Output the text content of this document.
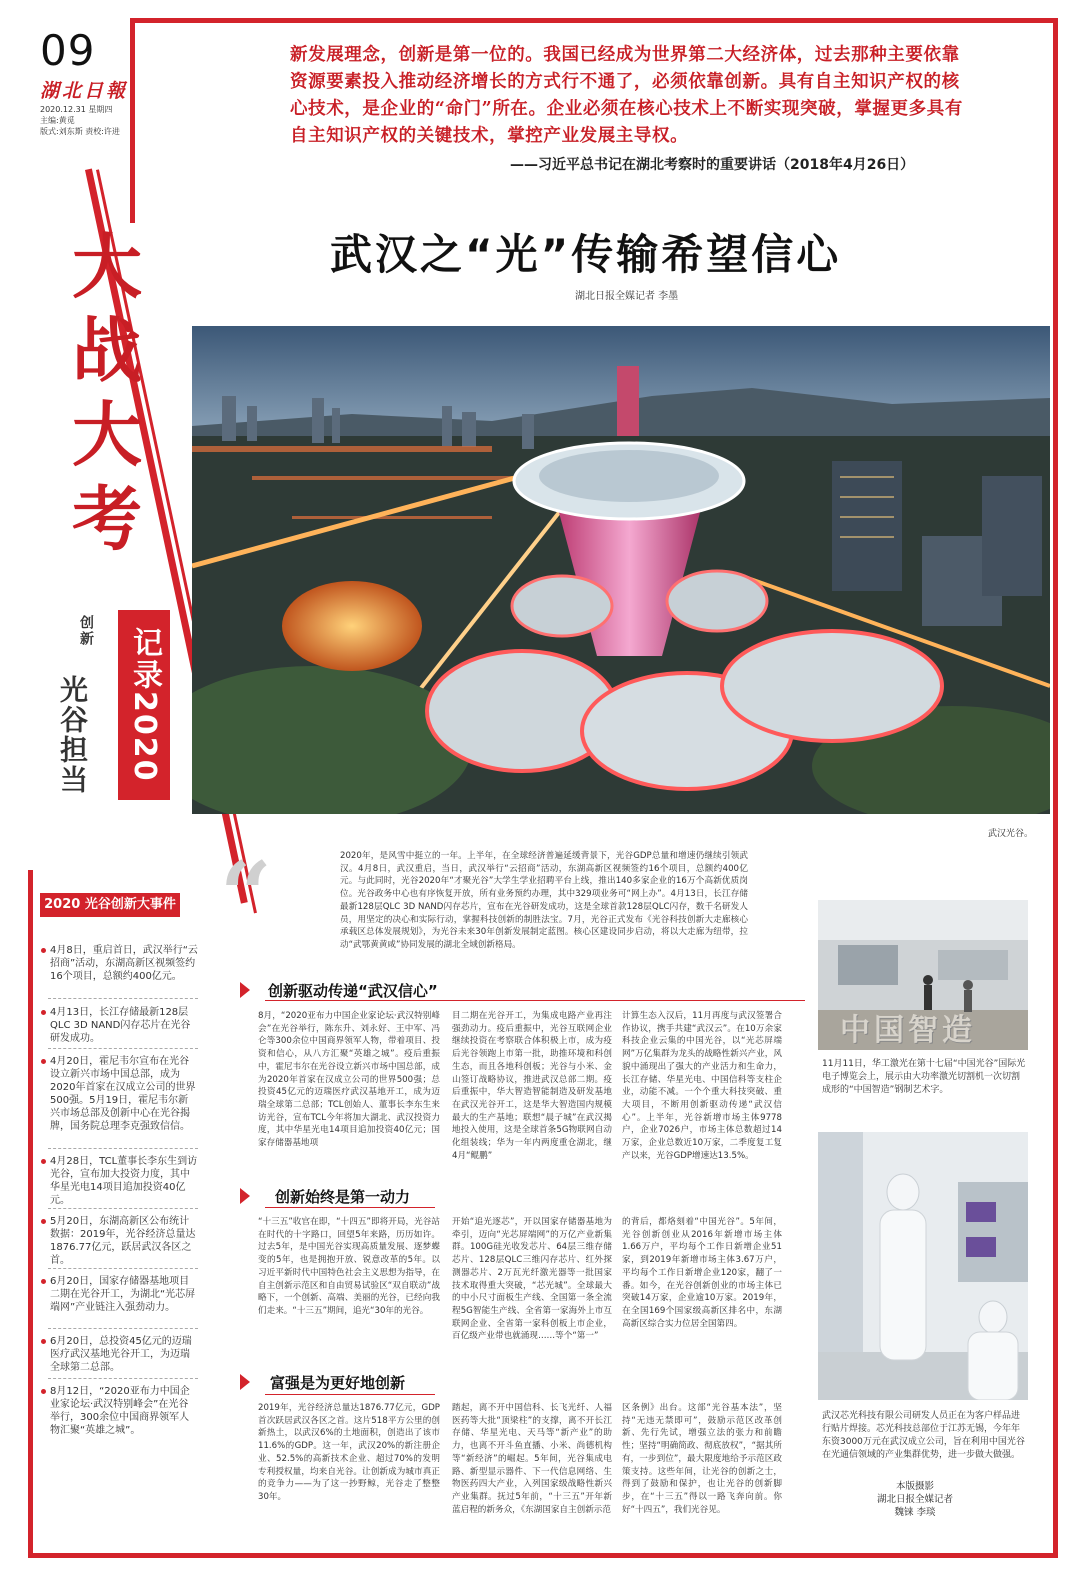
09
湖北日報
2020.12.31 星期四
主编:黄觅
版式:刘东斯 责校:许进
新发展理念，创新是第一位的。我国已经成为世界第二大经济体，过去那种主要依靠资源要素投入推动经济增长的方式行不通了，必须依靠创新。具有自主知识产权的核心技术，是企业的“命门”所在。企业必须在核心技术上不断实现突破，掌握更多具有自主知识产权的关键技术，掌控产业发展主导权。
——习近平总书记在湖北考察时的重要讲话（2018年4月26日）
武汉之“光”传输希望信心
湖北日报全媒记者 李墨
大
战
大
考
记录2020
创新
光谷担当
武汉光谷。
2020 光谷创新大事件
4月8日，重启首日，武汉举行“云招商”活动，东湖高新区视频签约16个项目，总额约400亿元。
4月13日，长江存储最新128层QLC 3D NAND闪存芯片在光谷研发成功。
4月20日，霍尼韦尔宣布在光谷设立新兴市场中国总部，成为2020年首家在汉成立公司的世界500强。5月19日，霍尼韦尔新兴市场总部及创新中心在光谷揭牌，国务院总理李克强致信信。
4月28日，TCL董事长李东生到访光谷，宣布加大投资力度，其中华星光电14项目追加投资40亿元。
5月20日，东湖高新区公布统计数据：2019年，光谷经济总量达1876.77亿元，跃居武汉各区之首。
6月20日，国家存储器基地项目二期在光谷开工，为湖北“光芯屏端网”产业链注入强劲动力。
6月20日，总投资45亿元的迈瑞医疗武汉基地光谷开工，为迈瑞全球第二总部。
8月12日，“2020亚布力中国企业家论坛·武汉特别峰会”在光谷举行，300余位中国商界领军人物汇聚“英雄之城”。
“	2020年，是风雪中挺立的一年。上半年，在全球经济普遍延缓背景下，光谷GDP总量和增速仍继续引领武汉。4月8日，武汉重启，当日，武汉举行“云招商”活动，东湖高新区视频签约16个项目，总额约400亿元。与此同时，光谷2020年“才聚光谷”大学生学业招聘平台上线，推出140多家企业的16万个高新优质岗位。光谷政务中心也有序恢复开放，所有业务预约办理，其中329项业务可“网上办”。4月13日，长江存储最新128层QLC 3D NAND闪存芯片，宣布在光谷研发成功，这是全球首款128层QLC闪存，数千名研发人员，用坚定的决心和实际行动，掌握科技创新的制胜法宝。7月，光谷正式发布《光谷科技创新大走廊核心承载区总体发展规划》，为光谷未来30年创新发展制定蓝图。核心区建设同步启动，将以大走廊为纽带，拉动“武鄂黄黄咸”协同发展的湖北全域创新格局。
创新驱动传递“武汉信心”
8月，“2020亚布力中国企业家论坛·武汉特别峰会”在光谷举行，陈东升、刘永好、王中军、冯仑等300余位中国商界领军人物，带着项目、投资和信心，从八方汇聚“英雄之城”。疫后重振中，霍尼韦尔在光谷设立新兴市场中国总部，成为2020年首家在汉成立公司的世界500强；总投资45亿元的迈瑞医疗武汉基地开工，成为迈瑞全球第二总部；TCL创始人、董事长李东生来访光谷，宣布TCL今年将加大湖北、武汉投资力度，其中华星光电14项目追加投资40亿元；国家存储器基地项
目二期在光谷开工，为集成电路产业再注强劲动力。疫后重振中，光谷互联网企业继续投资在考察联合体积极上市，成为疫后光谷领跑上市第一批，助推环境和科创生态，而且各地科创板；光谷与小米、金山签订战略协议，推进武汉总部二期。疫后重振中，华大智造智能制造及研发基地在武汉光谷开工，这是华大智造国内规模最大的生产基地；联想“晨子城”在武汉揭地投入使用，这是全球首条5G物联网自动化组装线；华为一年内两度重仓湖北，继4月“鲲鹏”
计算生态入汉后，11月再度与武汉签署合作协议，携手共建“武汉云”。在10万余家科技企业云集的中国光谷，以“光芯屏端网”万亿集群为龙头的战略性新兴产业，风貌中涌现出了强大的产业活力和生命力，长江存储、华星光电、中国信科等支柱企业，动能不减。一个个重大科技突破、重大项目，不断用创新驱动传递“武汉信心”。上半年，光谷新增市场主体9778户，企业7026户，市场主体总数超过14万家，企业总数近10万家，二季度复工复产以来，光谷GDP增速达13.5%。
创新始终是第一动力
“十三五”收官在即，“十四五”即将开局，光谷站在时代的十字路口，回望5年来路，历历如许。过去5年，是中国光谷实现高质量发展、逐梦蝶变的5年，也是拥抱开放、锐意改革的5年。以习近平新时代中国特色社会主义思想为指导，在自主创新示范区和自由贸易试验区“双自联动”战略下，一个创新、高端、美丽的光谷，已经向我们走来。“十三五”期间，追光“30年的光谷。
开始“追光逐芯”，开以国家存储器基地为牵引，迈向“光芯屏端网”的万亿产业新集群。100G硅光收发芯片、64层三维存储芯片、128层QLC三维闪存芯片、红外探测器芯片、2万瓦光纤激光器等一批国家技术取得重大突破，“芯光城”。全球最大的中小尺寸面板生产线、全国第一条全流程5G智能生产线、全省第一家海外上市互联网企业、全省第一家科创板上市企业，百亿级产业带也就涌现……等个“第一”
的背后，都烙刻着“中国光谷”。5年间，光谷创新创业从2016年新增市场主体1.66万户，平均每个工作日新增企业51家，到2019年新增市场主体3.67万户，平均每个工作日新增企业120家，翻了一番。如今，在光谷创新创业的市场主体已突破14万家，企业逾10万家。2019年，在全国169个国家级高新区排名中，东湖高新区综合实力位居全国第四。
富强是为更好地创新
2019年，光谷经济总量达1876.77亿元，GDP首次跃居武汉各区之首。这片518平方公里的创新热土，以武汉6%的土地面积，创造出了该市11.6%的GDP。这一年，武汉20%的新注册企业、52.5%的高新技术企业、超过70%的发明专利授权量，均来自光谷。让创新成为城市真正的竞争力——为了这一抄野鲸，光谷走了整整30年。
踏起，离不开中国信科、长飞光纤、人福医药等大批“顶梁柱”的支撑，离不开长江存储、华星光电、天马等“新产业”的助力，也离不开斗鱼直播、小米、尚德机构等“新经济”的崛起。5年间，光谷集成电路、新型显示器件、下一代信息网络、生物医药四大产业，入列国家级战略性新兴产业集群。抚过5年前，“十三五”开年新蓝启程的新务众，《东湖国家自主创新示范
区条例》出台。这部“光谷基本法”，坚持“无违无禁即可”，鼓励示范区改革创新、先行先试，增强立法的张力和前瞻性；坚持“明确简政、彻底放权”，“据其所有，一步到位”，最大限度地给予示范区政策支持。这些年间，让光谷的创新之士，得到了鼓励和保护，也让光谷的创新脚步，在“十三五”得以一路飞奔向前。你好“十四五”，我们光谷见。
中国智造
11月11日，华工激光在第十七届“中国光谷”国际光电子博览会上，展示由大功率激光切割机一次切割成形的“中国智造”钢制艺术字。
武汉芯光科技有限公司研发人员正在为客户样品进行贴片焊接。芯光科技总部位于江苏无锡，今年年东资3000万元在武汉成立公司，旨在利用中国光谷在光通信领域的产业集群优势，进一步做大做强。
本版摄影
湖北日报全媒记者
魏铼 李琰
